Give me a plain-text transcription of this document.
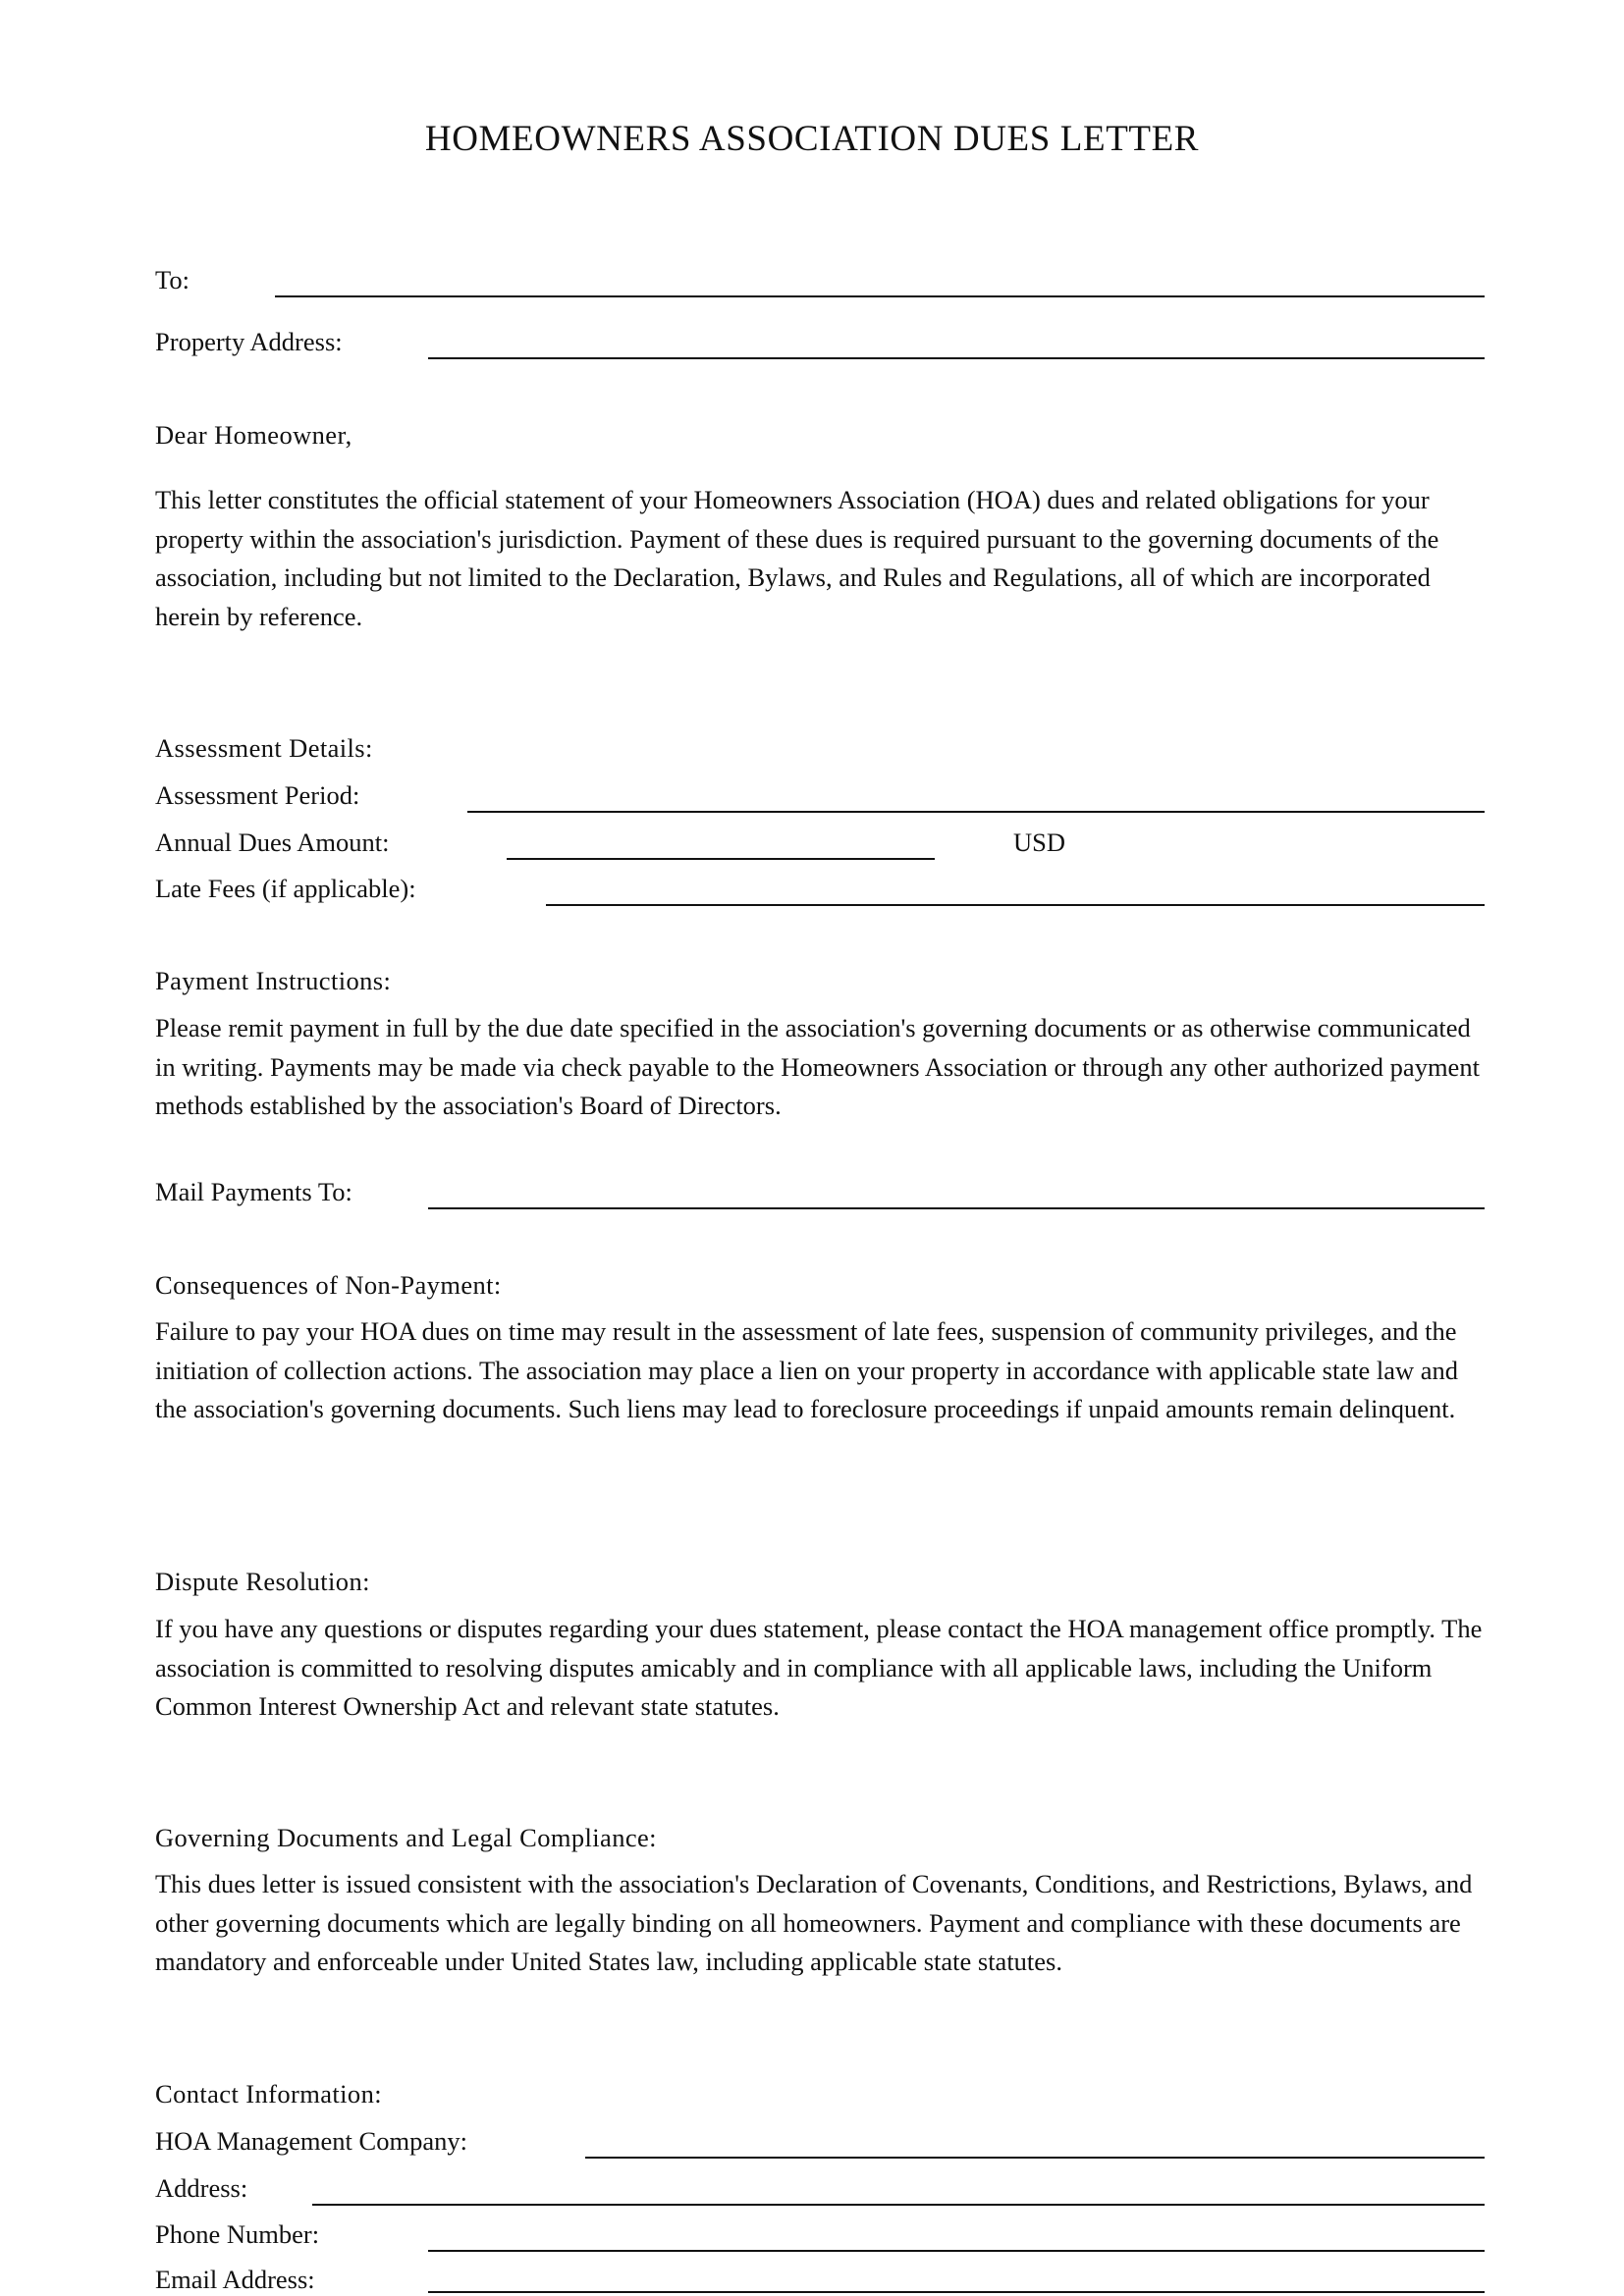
HOMEOWNERS ASSOCIATION DUES LETTER
To:
Property Address:
Dear Homeowner,
This letter constitutes the official statement of your Homeowners Association (HOA) dues and related obligations for your property within the association's jurisdiction. Payment of these dues is required pursuant to the governing documents of the association, including but not limited to the Declaration, Bylaws, and Rules and Regulations, all of which are incorporated herein by reference.
Assessment Details:
Assessment Period:
Annual Dues Amount:	USD
Late Fees (if applicable):
Payment Instructions:
Please remit payment in full by the due date specified in the association's governing documents or as otherwise communicated in writing. Payments may be made via check payable to the Homeowners Association or through any other authorized payment methods established by the association's Board of Directors.
Mail Payments To:
Consequences of Non-Payment:
Failure to pay your HOA dues on time may result in the assessment of late fees, suspension of community privileges, and the initiation of collection actions. The association may place a lien on your property in accordance with applicable state law and the association's governing documents. Such liens may lead to foreclosure proceedings if unpaid amounts remain delinquent.
Dispute Resolution:
If you have any questions or disputes regarding your dues statement, please contact the HOA management office promptly. The association is committed to resolving disputes amicably and in compliance with all applicable laws, including the Uniform Common Interest Ownership Act and relevant state statutes.
Governing Documents and Legal Compliance:
This dues letter is issued consistent with the association's Declaration of Covenants, Conditions, and Restrictions, Bylaws, and other governing documents which are legally binding on all homeowners. Payment and compliance with these documents are mandatory and enforceable under United States law, including applicable state statutes.
Contact Information:
HOA Management Company:
Address:
Phone Number:
Email Address:
